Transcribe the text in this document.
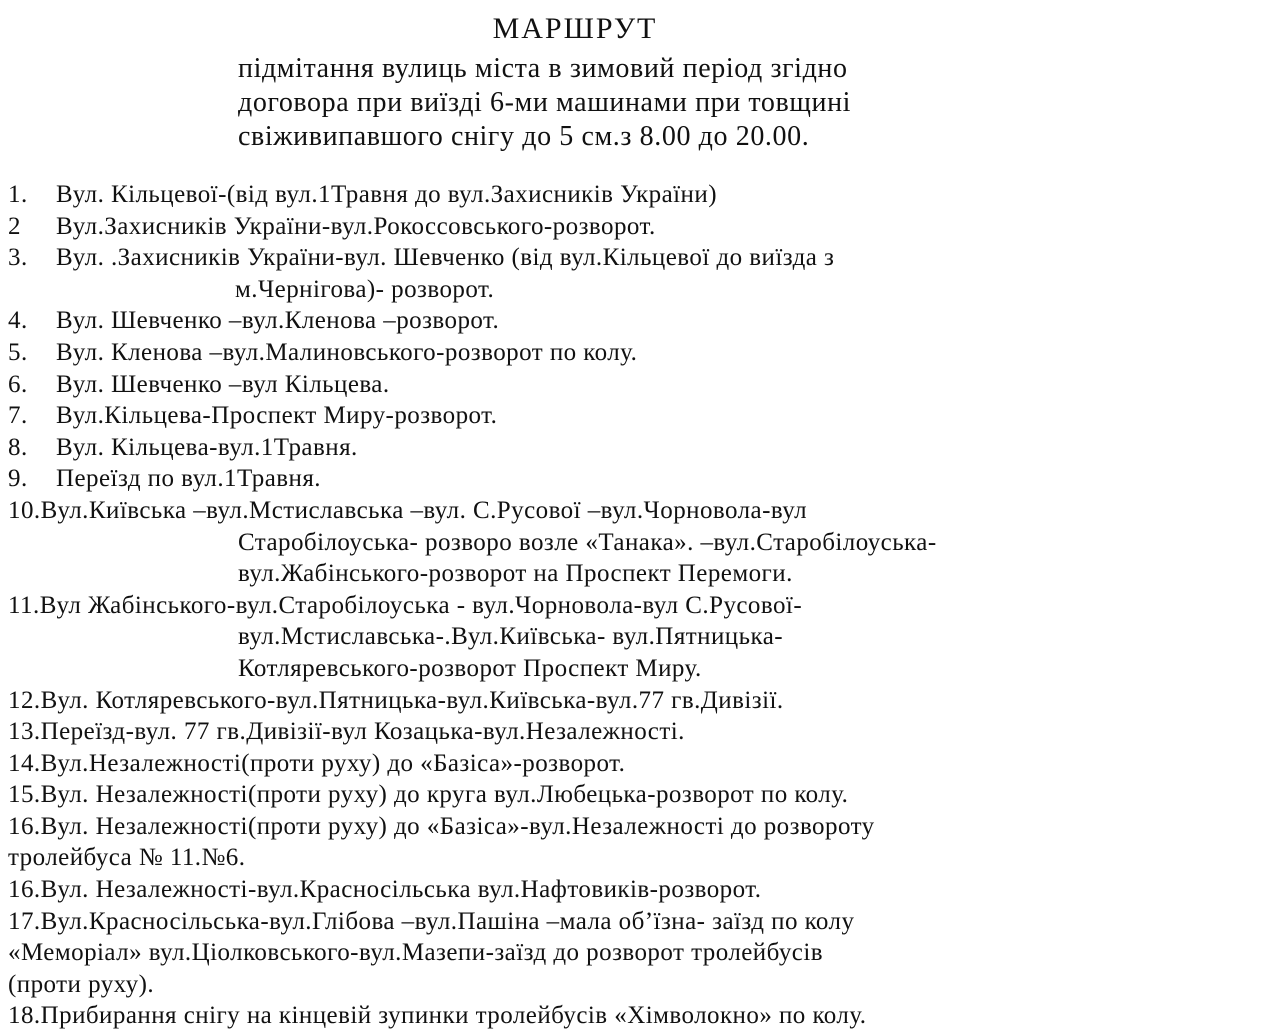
МАРШРУТ
підмітання вулиць міста в зимовий період згідно
договора при виїзді 6-ми машинами при товщині
свіживипавшого снігу до 5 см.з 8.00 до 20.00.
1. Вул. Кільцевої-(від вул.1Травня до вул.Захисників України)
2 Вул.Захисників України-вул.Рокоссовського-розворот.
3. Вул. .Захисників України-вул. Шевченко (від вул.Кільцевої до виїзда з
м.Чернігова)- розворот.
4. Вул. Шевченко –вул.Кленова –розворот.
5. Вул. Кленова –вул.Малиновського-розворот по колу.
6. Вул. Шевченко –вул Кільцева.
7. Вул.Кільцева-Проспект Миру-розворот.
8. Вул. Кільцева-вул.1Травня.
9. Переїзд по вул.1Травня.
10.Вул.Київська –вул.Мстиславська –вул. С.Русової –вул.Чорновола-вул
Старобілоуська- розворо возле «Танака». –вул.Старобілоуська-
вул.Жабінського-розворот на Проспект Перемоги.
11.Вул Жабінського-вул.Старобілоуська - вул.Чорновола-вул С.Русової-
вул.Мстиславська-.Вул.Київська- вул.Пятницька-
Котляревського-розворот Проспект Миру.
12.Вул. Котляревського-вул.Пятницька-вул.Київська-вул.77 гв.Дивізії.
13.Переїзд-вул. 77 гв.Дивізії-вул Козацька-вул.Незалежності.
14.Вул.Незалежності(проти руху) до «Базіса»-розворот.
15.Вул. Незалежності(проти руху) до круга вул.Любецька-розворот по колу.
16.Вул. Незалежності(проти руху) до «Базіса»-вул.Незалежності до розвороту
тролейбуса № 11.№6.
16.Вул. Незалежності-вул.Красносільська вул.Нафтовиків-розворот.
17.Вул.Красносільська-вул.Глібова –вул.Пашіна –мала об’їзна- заїзд по колу
«Меморіал» вул.Ціолковського-вул.Мазепи-заїзд до розворот тролейбусів
(проти руху).
18.Прибирання снігу на кінцевій зупинки тролейбусів «Хімволокно» по колу.
